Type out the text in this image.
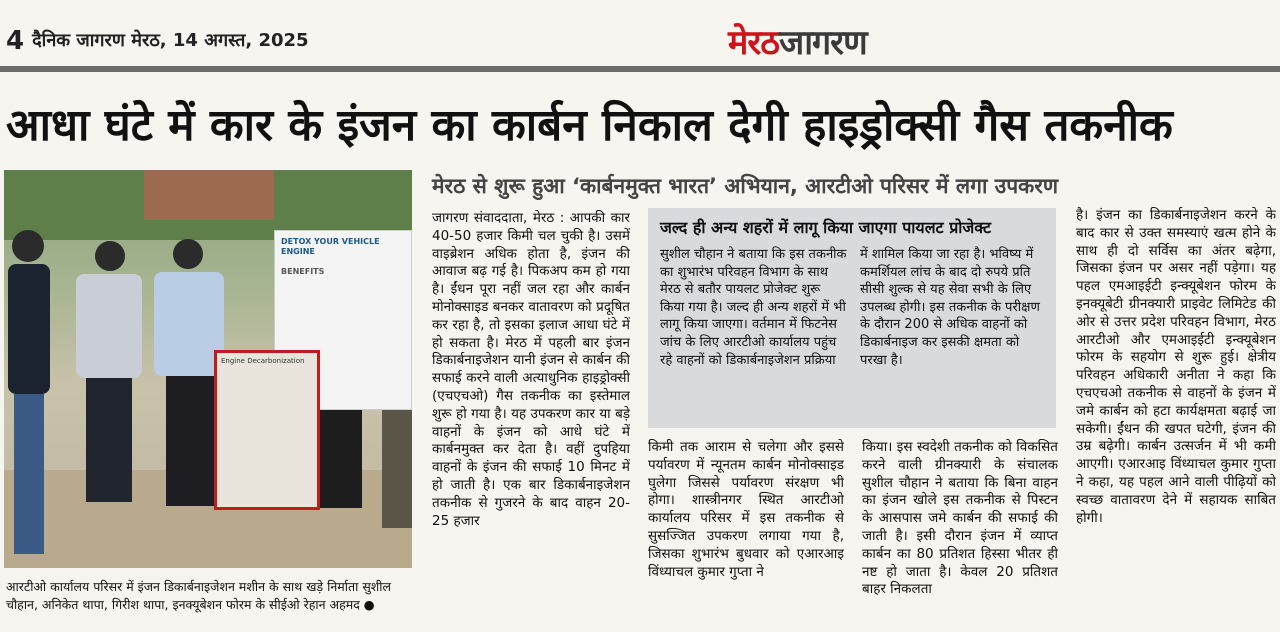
4 दैनिक जागरण मेरठ, 14 अगस्त, 2025	मेरठजागरण
आधा घंटे में कार के इंजन का कार्बन निकाल देगी हाइड्रोक्सी गैस तकनीक
DETOX YOUR VEHICLE ENGINE
BENEFITS
Engine Decarbonization
आरटीओ कार्यालय परिसर में इंजन डिकार्बनाइजेशन मशीन के साथ खड़े निर्माता सुशील चौहान, अनिकेत थापा, गिरीश थापा, इनक्यूबेशन फोरम के सीईओ रेहान अहमद ●
मेरठ से शुरू हुआ ‘कार्बनमुक्त भारत’ अभियान, आरटीओ परिसर में लगा उपकरण
जागरण संवाददाता, मेरठ : आपकी कार 40-50 हजार किमी चल चुकी है। उसमें वाइब्रेशन अधिक होता है, इंजन की आवाज बढ़ गई है। पिकअप कम हो गया है। ईंधन पूरा नहीं जल रहा और कार्बन मोनोक्साइड बनकर वातावरण को प्रदूषित कर रहा है, तो इसका इलाज आधा घंटे में हो सकता है। मेरठ में पहली बार इंजन डिकार्बनाइजेशन यानी इंजन से कार्बन की सफाई करने वाली अत्याधुनिक हाइड्रोक्सी (एचएचओ) गैस तकनीक का इस्तेमाल शुरू हो गया है। यह उपकरण कार या बड़े वाहनों के इंजन को आधे घंटे में कार्बनमुक्त कर देता है। वहीं दुपहिया वाहनों के इंजन की सफाई 10 मिनट में हो जाती है। एक बार डिकार्बनाइजेशन तकनीक से गुजरने के बाद वाहन 20-25 हजार
जल्द ही अन्य शहरों में लागू किया जाएगा पायलट प्रोजेक्ट
सुशील चौहान ने बताया कि इस तकनीक का शुभारंभ परिवहन विभाग के साथ मेरठ से बतौर पायलट प्रोजेक्ट शुरू किया गया है। जल्द ही अन्य शहरों में भी लागू किया जाएगा। वर्तमान में फिटनेस जांच के लिए आरटीओ कार्यालय पहुंच रहे वाहनों को डिकार्बनाइजेशन प्रक्रिया
में शामिल किया जा रहा है। भविष्य में कमर्शियल लांच के बाद दो रुपये प्रति सीसी शुल्क से यह सेवा सभी के लिए उपलब्ध होगी। इस तकनीक के परीक्षण के दौरान 200 से अधिक वाहनों को डिकार्बनाइज कर इसकी क्षमता को परखा है।
किमी तक आराम से चलेगा और इससे पर्यावरण में न्यूनतम कार्बन मोनोक्साइड घुलेगा जिससे पर्यावरण संरक्षण भी होगा। शास्त्रीनगर स्थित आरटीओ कार्यालय परिसर में इस तकनीक से सुसज्जित उपकरण लगाया गया है, जिसका शुभारंभ बुधवार को एआरआइ विंध्याचल कुमार गुप्ता ने
किया। इस स्वदेशी तकनीक को विकसित करने वाली ग्रीनक्यारी के संचालक सुशील चौहान ने बताया कि बिना वाहन का इंजन खोले इस तकनीक से पिस्टन के आसपास जमे कार्बन की सफाई की जाती है। इसी दौरान इंजन में व्याप्त कार्बन का 80 प्रतिशत हिस्सा भीतर ही नष्ट हो जाता है। केवल 20 प्रतिशत बाहर निकलता
है। इंजन का डिकार्बनाइजेशन करने के बाद कार से उक्त समस्याएं खत्म होने के साथ ही दो सर्विस का अंतर बढ़ेगा, जिसका इंजन पर असर नहीं पड़ेगा। यह पहल एमआइईटी इन्क्यूबेशन फोरम के इनक्यूबेटी ग्रीनक्यारी प्राइवेट लिमिटेड की ओर से उत्तर प्रदेश परिवहन विभाग, मेरठ आरटीओ और एमआइईटी इन्क्यूबेशन फोरम के सहयोग से शुरू हुई। क्षेत्रीय परिवहन अधिकारी अनीता ने कहा कि एचएचओ तकनीक से वाहनों के इंजन में जमे कार्बन को हटा कार्यक्षमता बढ़ाई जा सकेगी। ईंधन की खपत घटेगी, इंजन की उम्र बढ़ेगी। कार्बन उत्सर्जन में भी कमी आएगी। एआरआइ विंध्याचल कुमार गुप्ता ने कहा, यह पहल आने वाली पीढ़ियों को स्वच्छ वातावरण देने में सहायक साबित होगी।
